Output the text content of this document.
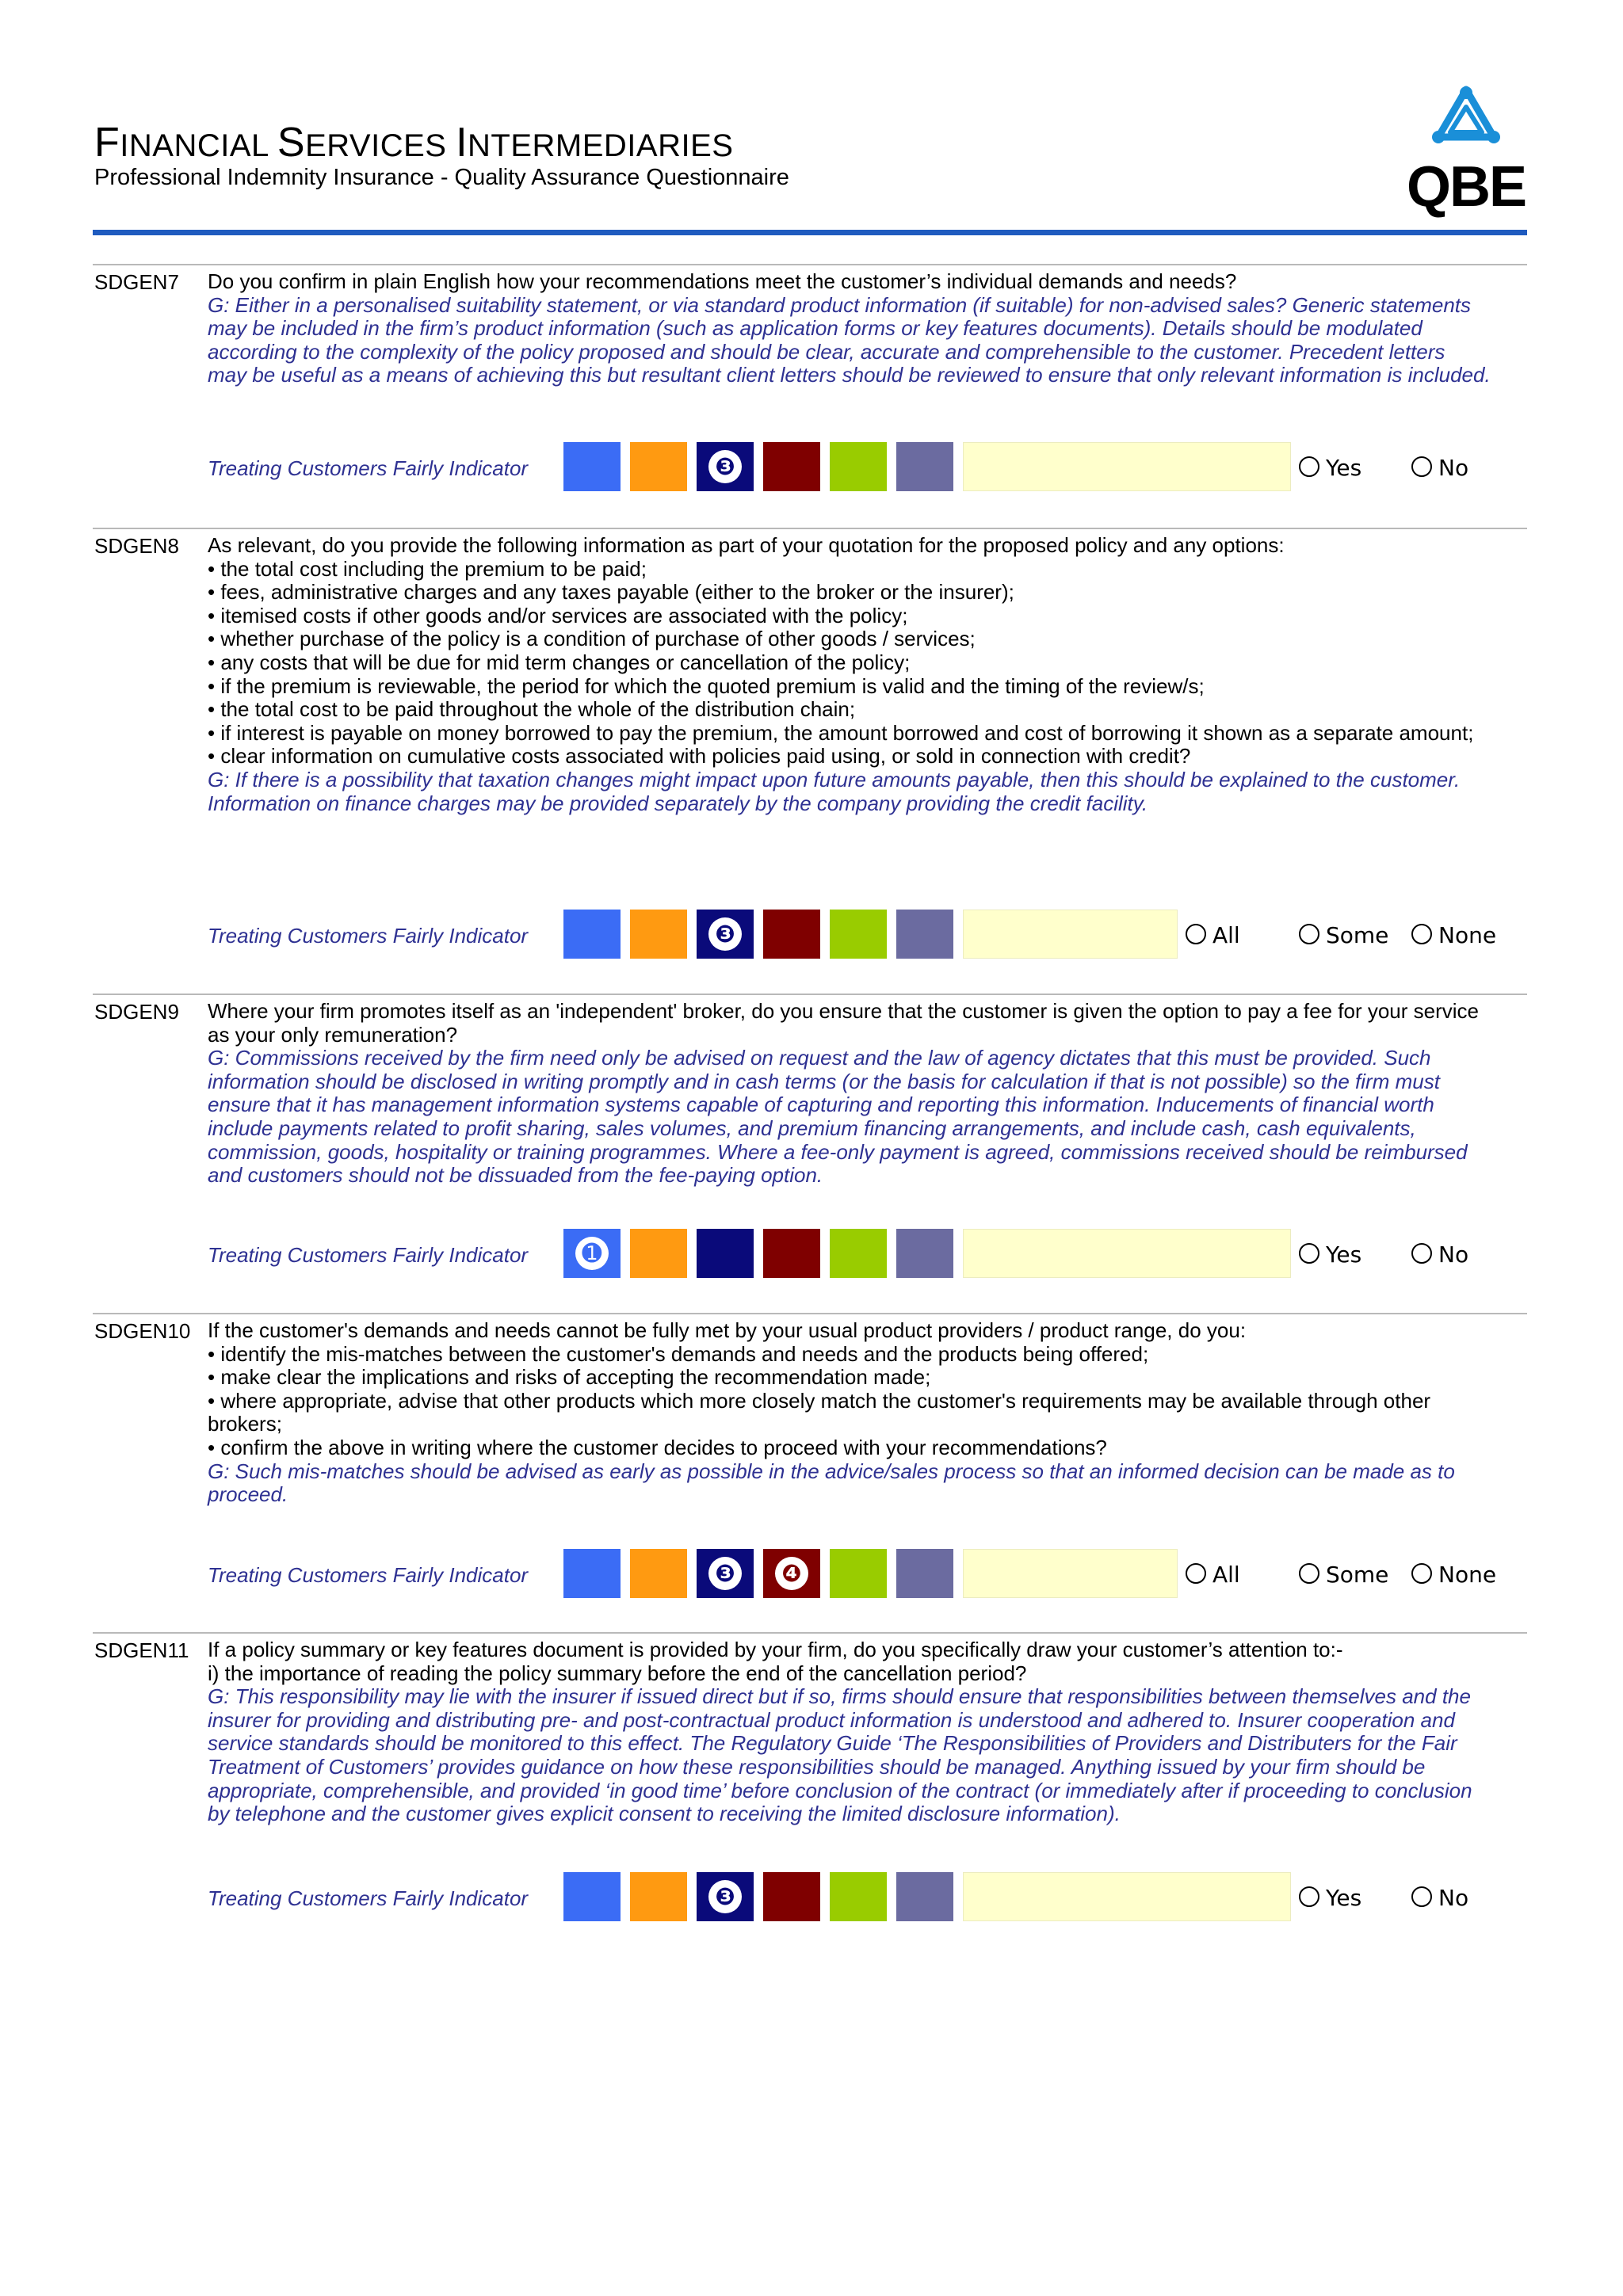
FINANCIAL SERVICES INTERMEDIARIES
Professional Indemnity Insurance - Quality Assurance Questionnaire	QBE
SDGEN7 Do you confirm in plain English how your recommendations meet the customer’s individual demands and needs?
G: Either in a personalised suitability statement, or via standard product information (if suitable) for non-advised sales? Generic statements
may be included in the firm’s product information (such as application forms or key features documents). Details should be modulated
according to the complexity of the policy proposed and should be clear, accurate and comprehensible to the customer. Precedent letters
may be useful as a means of achieving this but resultant client letters should be reviewed to ensure that only relevant information is included.
Treating Customers Fairly Indicator	❸	Yes	No
SDGEN8 As relevant, do you provide the following information as part of your quotation for the proposed policy and any options:
• the total cost including the premium to be paid;
• fees, administrative charges and any taxes payable (either to the broker or the insurer);
• itemised costs if other goods and/or services are associated with the policy;
• whether purchase of the policy is a condition of purchase of other goods / services;
• any costs that will be due for mid term changes or cancellation of the policy;
• if the premium is reviewable, the period for which the quoted premium is valid and the timing of the review/s;
• the total cost to be paid throughout the whole of the distribution chain;
• if interest is payable on money borrowed to pay the premium, the amount borrowed and cost of borrowing it shown as a separate amount;
• clear information on cumulative costs associated with policies paid using, or sold in connection with credit?
G: If there is a possibility that taxation changes might impact upon future amounts payable, then this should be explained to the customer.
Information on finance charges may be provided separately by the company providing the credit facility.
Treating Customers Fairly Indicator	❸	All	Some None
SDGEN9 Where your firm promotes itself as an 'independent' broker, do you ensure that the customer is given the option to pay a fee for your service
as your only remuneration?
G: Commissions received by the firm need only be advised on request and the law of agency dictates that this must be provided. Such
information should be disclosed in writing promptly and in cash terms (or the basis for calculation if that is not possible) so the firm must
ensure that it has management information systems capable of capturing and reporting this information. Inducements of financial worth
include payments related to profit sharing, sales volumes, and premium financing arrangements, and include cash, cash equivalents,
commission, goods, hospitality or training programmes. Where a fee-only payment is agreed, commissions received should be reimbursed
and customers should not be dissuaded from the fee-paying option.
Treating Customers Fairly Indicator ➊	Yes	No
SDGEN10 If the customer's demands and needs cannot be fully met by your usual product providers / product range, do you:
• identify the mis-matches between the customer's demands and needs and the products being offered;
• make clear the implications and risks of accepting the recommendation made;
• where appropriate, advise that other products which more closely match the customer's requirements may be available through other
brokers;
• confirm the above in writing where the customer decides to proceed with your recommendations?
G: Such mis-matches should be advised as early as possible in the advice/sales process so that an informed decision can be made as to
proceed.
Treating Customers Fairly Indicator	❸ ❹	All	Some None
SDGEN11 If a policy summary or key features document is provided by your firm, do you specifically draw your customer’s attention to:-
i) the importance of reading the policy summary before the end of the cancellation period?
G: This responsibility may lie with the insurer if issued direct but if so, firms should ensure that responsibilities between themselves and the
insurer for providing and distributing pre- and post-contractual product information is understood and adhered to. Insurer cooperation and
service standards should be monitored to this effect. The Regulatory Guide ‘The Responsibilities of Providers and Distributers for the Fair
Treatment of Customers’ provides guidance on how these responsibilities should be managed. Anything issued by your firm should be
appropriate, comprehensible, and provided ‘in good time’ before conclusion of the contract (or immediately after if proceeding to conclusion
by telephone and the customer gives explicit consent to receiving the limited disclosure information).
Treating Customers Fairly Indicator	❸	Yes	No
